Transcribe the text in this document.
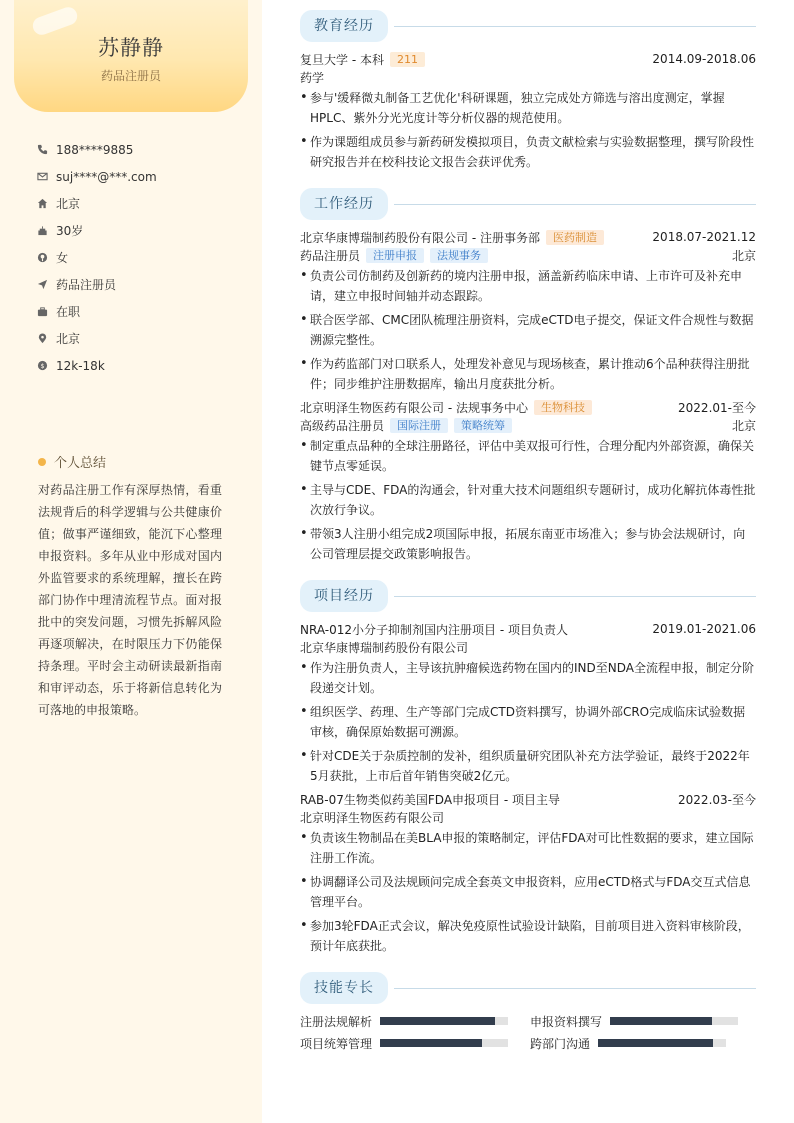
苏静静
药品注册员
188****9885
suj****@***.com
北京
30岁
女
药品注册员
在职
北京
$ 12k-18k
个人总结
对药品注册工作有深厚热情，看重法规背后的科学逻辑与公共健康价值；做事严谨细致，能沉下心整理申报资料。多年从业中形成对国内外监管要求的系统理解，擅长在跨部门协作中理清流程节点。面对报批中的突发问题，习惯先拆解风险再逐项解决，在时限压力下仍能保持条理。平时会主动研读最新指南和审评动态，乐于将新信息转化为可落地的申报策略。
教育经历
复旦大学 - 本科	211	2014.09-2018.06
药学
• 参与'缓释微丸制备工艺优化'科研课题，独立完成处方筛选与溶出度测定，掌握HPLC、紫外分光光度计等分析仪器的规范使用。
• 作为课题组成员参与新药研发模拟项目，负责文献检索与实验数据整理，撰写阶段性研究报告并在校科技论文报告会获评优秀。
工作经历
北京华康博瑞制药股份有限公司 - 注册事务部	医药制造	2018.07-2021.12
药品注册员	注册申报	法规事务	北京
• 负责公司仿制药及创新药的境内注册申报，涵盖新药临床申请、上市许可及补充申请，建立申报时间轴并动态跟踪。
• 联合医学部、CMC团队梳理注册资料，完成eCTD电子提交，保证文件合规性与数据溯源完整性。
• 作为药监部门对口联系人，处理发补意见与现场核查，累计推动6个品种获得注册批件；同步维护注册数据库，输出月度获批分析。
北京明泽生物医药有限公司 - 法规事务中心	生物科技	2022.01-至今
高级药品注册员	国际注册	策略统筹	北京
• 制定重点品种的全球注册路径，评估中美双报可行性，合理分配内外部资源，确保关键节点零延误。
• 主导与CDE、FDA的沟通会，针对重大技术问题组织专题研讨，成功化解抗体毒性批次放行争议。
• 带领3人注册小组完成2项国际申报，拓展东南亚市场准入；参与协会法规研讨，向公司管理层提交政策影响报告。
项目经历
NRA-012小分子抑制剂国内注册项目 - 项目负责人	2019.01-2021.06
北京华康博瑞制药股份有限公司
• 作为注册负责人，主导该抗肿瘤候选药物在国内的IND至NDA全流程申报，制定分阶段递交计划。
• 组织医学、药理、生产等部门完成CTD资料撰写，协调外部CRO完成临床试验数据审核，确保原始数据可溯源。
• 针对CDE关于杂质控制的发补，组织质量研究团队补充方法学验证，最终于2022年5月获批，上市后首年销售突破2亿元。
RAB-07生物类似药美国FDA申报项目 - 项目主导	2022.03-至今
北京明泽生物医药有限公司
• 负责该生物制品在美BLA申报的策略制定，评估FDA对可比性数据的要求，建立国际注册工作流。
• 协调翻译公司及法规顾问完成全套英文申报资料，应用eCTD格式与FDA交互式信息管理平台。
• 参加3轮FDA正式会议，解决免疫原性试验设计缺陷，目前项目进入资料审核阶段，预计年底获批。
技能专长
注册法规解析	申报资料撰写
项目统筹管理	跨部门沟通
